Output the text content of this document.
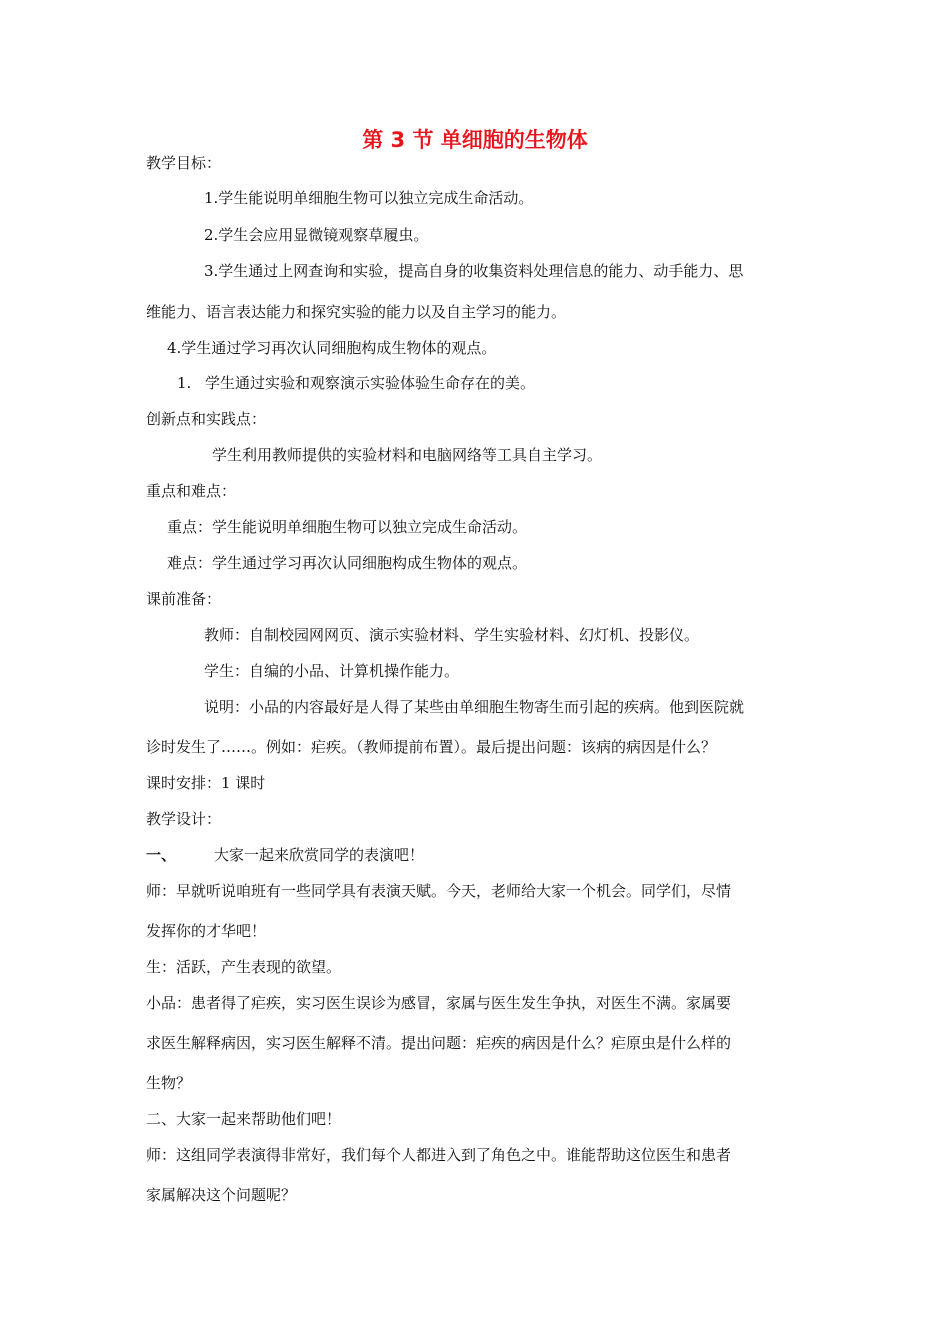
第 3 节 单细胞的生物体
教学目标：
1.学生能说明单细胞生物可以独立完成生命活动。
2.学生会应用显微镜观察草履虫。
3.学生通过上网查询和实验，提高自身的收集资料处理信息的能力、动手能力、思
维能力、语言表达能力和探究实验的能力以及自主学习的能力。
4.学生通过学习再次认同细胞构成生物体的观点。
1. 学生通过实验和观察演示实验体验生命存在的美。
创新点和实践点：
学生利用教师提供的实验材料和电脑网络等工具自主学习。
重点和难点：
重点：学生能说明单细胞生物可以独立完成生命活动。
难点：学生通过学习再次认同细胞构成生物体的观点。
课前准备：
教师：自制校园网网页、演示实验材料、学生实验材料、幻灯机、投影仪。
学生：自编的小品、计算机操作能力。
说明：小品的内容最好是人得了某些由单细胞生物寄生而引起的疾病。他到医院就
诊时发生了……。例如：疟疾。（教师提前布置）。最后提出问题：该病的病因是什么？
课时安排：1 课时
教学设计：
一、	大家一起来欣赏同学的表演吧！
师：早就听说咱班有一些同学具有表演天赋。今天，老师给大家一个机会。同学们，尽情
发挥你的才华吧！
生：活跃，产生表现的欲望。
小品：患者得了疟疾，实习医生误诊为感冒，家属与医生发生争执，对医生不满。家属要
求医生解释病因，实习医生解释不清。提出问题：疟疾的病因是什么？疟原虫是什么样的
生物？
二、大家一起来帮助他们吧！
师：这组同学表演得非常好，我们每个人都进入到了角色之中。谁能帮助这位医生和患者
家属解决这个问题呢？
